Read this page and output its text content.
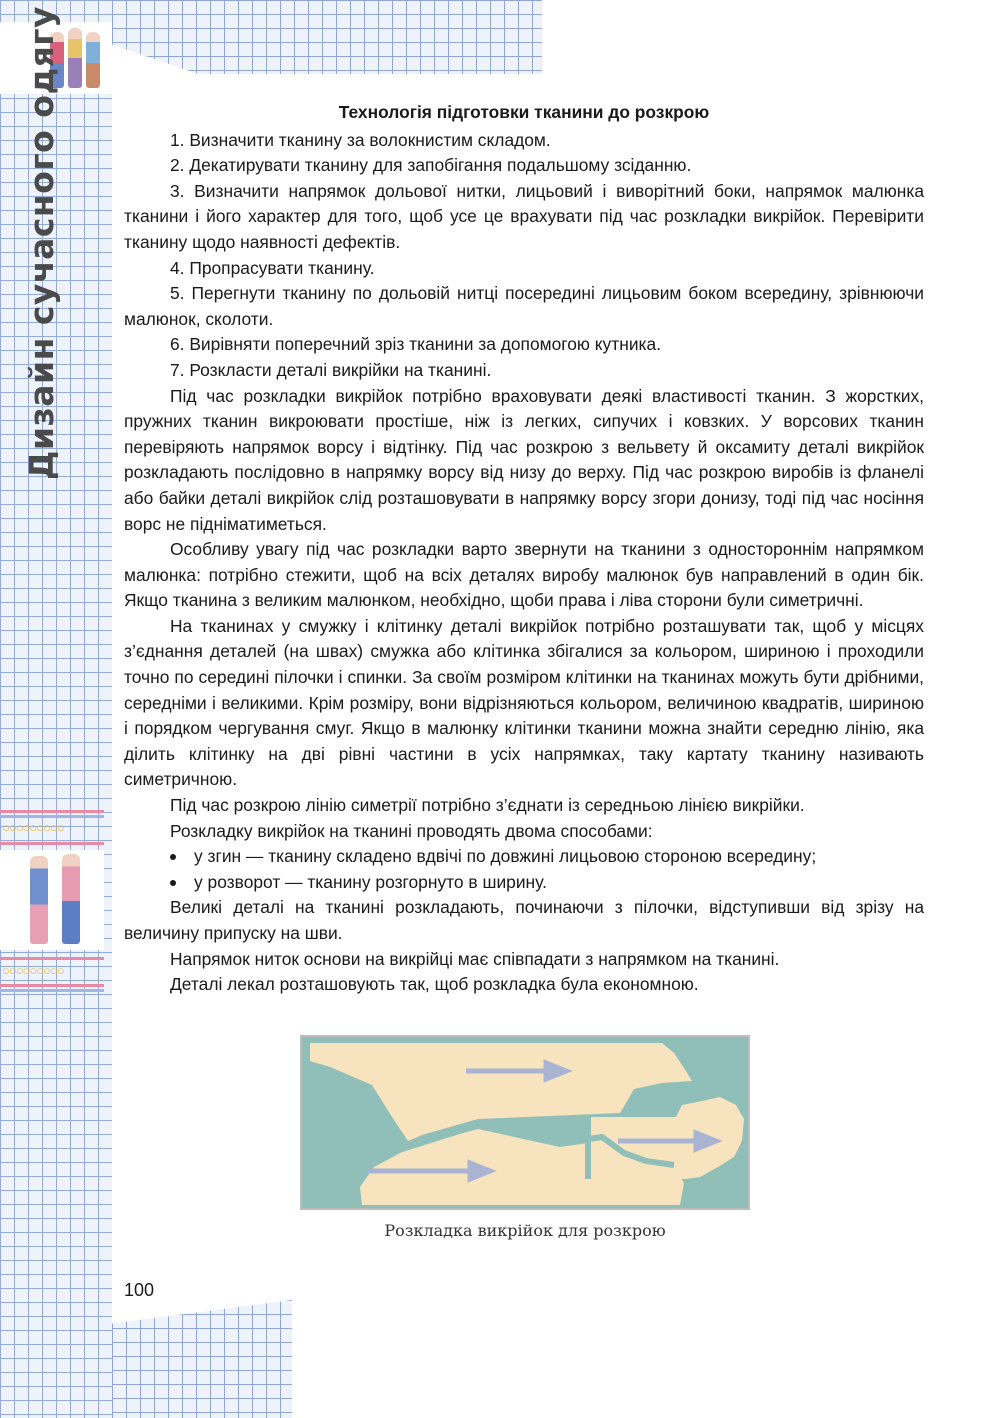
Дизайн сучасного одягу
○○○○○○○○○
○○○○○○○○○

Технологія підготовки тканини до розкрою

1. Визначити тканину за волокнистим складом.

2. Декатирувати тканину для запобігання подальшому зсіданню.

3. Визначити напрямок дольової нитки, лицьовий і виворітний боки, напрямок малюнка тканини і його характер для того, щоб усе це врахувати під час розкладки викрійок. Перевірити тканину щодо наявності дефектів.

4. Пропрасувати тканину.

5. Перегнути тканину по дольовій нитці посередині лицьовим боком всередину, зрівнюючи малюнок, сколоти.

6. Вирівняти поперечний зріз тканини за допомогою кутника.

7. Розкласти деталі викрійки на тканині.

Під час розкладки викрійок потрібно враховувати деякі властивості тканин. З жорстких, пружних тканин викроювати простіше, ніж із легких, сипучих і ковзких. У ворсових тканин перевіряють напрямок ворсу і відтінку. Під час розкрою з вельвету й оксамиту деталі викрійок розкладають послідовно в напрямку ворсу від низу до верху. Під час розкрою виробів із фланелі або байки деталі викрійок слід розташовувати в напрямку ворсу згори донизу, тоді під час носіння ворс не підніматиметься.

Особливу увагу під час розкладки варто звернути на тканини з одностороннім напрямком малюнка: потрібно стежити, щоб на всіх деталях виробу малюнок був направлений в один бік. Якщо тканина з великим малюнком, необхідно, щоби права і ліва сторони були симетричні.

На тканинах у смужку і клітинку деталі викрійок потрібно розташувати так, щоб у місцях з’єднання деталей (на швах) смужка або клітинка збігалися за кольором, шириною і проходили точно по середині пілочки і спинки. За своїм розміром клітинки на тканинах можуть бути дрібними, середніми і великими. Крім розміру, вони відрізняються кольором, величиною квадратів, шириною і порядком чергування смуг. Якщо в малюнку клітинки тканини можна знайти середню лінію, яка ділить клітинку на дві рівні частини в усіх напрямках, таку картату тканину називають симетричною.

Під час розкрою лінію симетрії потрібно з’єднати із середньою лінією викрійки.

Розкладку викрійок на тканині проводять двома способами:

у згин — тканину складено вдвічі по довжині лицьовою стороною всередину;
у розворот — тканину розгорнуто в ширину.

Великі деталі на тканині розкладають, починаючи з пілочки, відступивши від зрізу на величину припуску на шви.

Напрямок ниток основи на викрійці має співпадати з напрямком на тканині.

Деталі лекал розташовують так, щоб розкладка була економною.

Розкладка викрійок для розкрою
100
